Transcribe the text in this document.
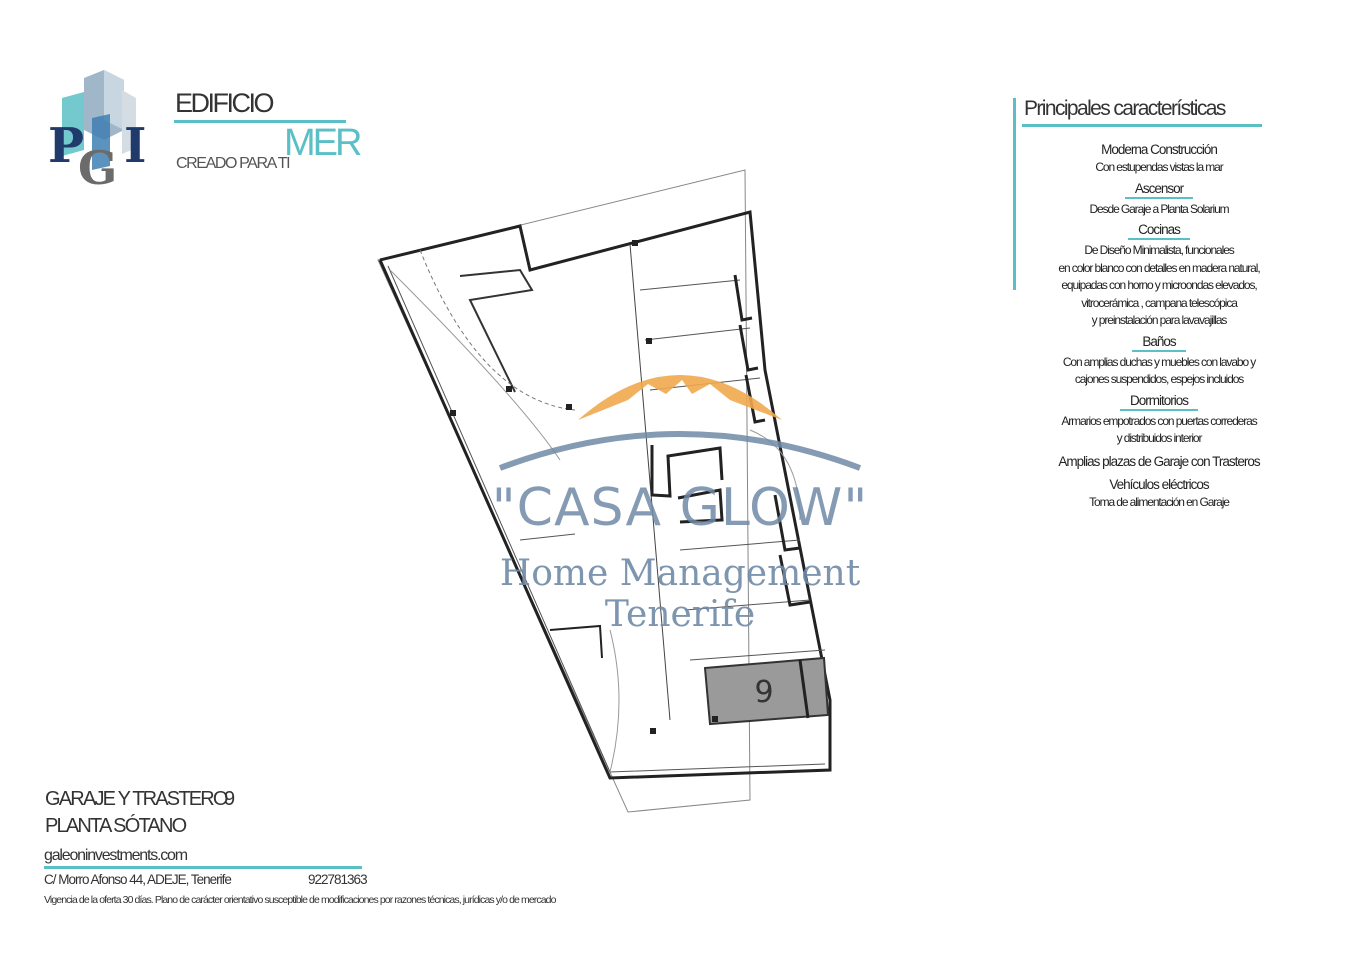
P
G I
EDIFICIO
CREADO PARA TI
MER
Principales características
Moderna Construcción
Con estupendas vistas la mar
Ascensor
Desde Garaje a Planta Solarium
Cocinas
De Diseño Minimalista, funcionales
en color blanco con detalles en madera natural,
equipadas con horno y microondas elevados,
vitrocerámica , campana telescópica
y preinstalación para lavavajillas
Baños
Con amplias duchas y muebles con lavabo y
cajones suspendidos, espejos incluidos
Dormitorios
Armarios empotrados con puertas correderas
y distribuidos interior
Amplias plazas de Garaje con Trasteros
Vehículos eléctricos
Toma de alimentación en Garaje
9
"CASA GLOW"
Home Management Tenerife
GARAJE Y TRASTERO
9
PLANTA SÓTANO
galeoninvestments.com
C/ Morro Afonso 44, ADEJE, Tenerife	922781363
Vigencia de la oferta 30 días. Plano de carácter orientativo susceptible de modificaciones por razones técnicas, jurídicas y/o de mercado
